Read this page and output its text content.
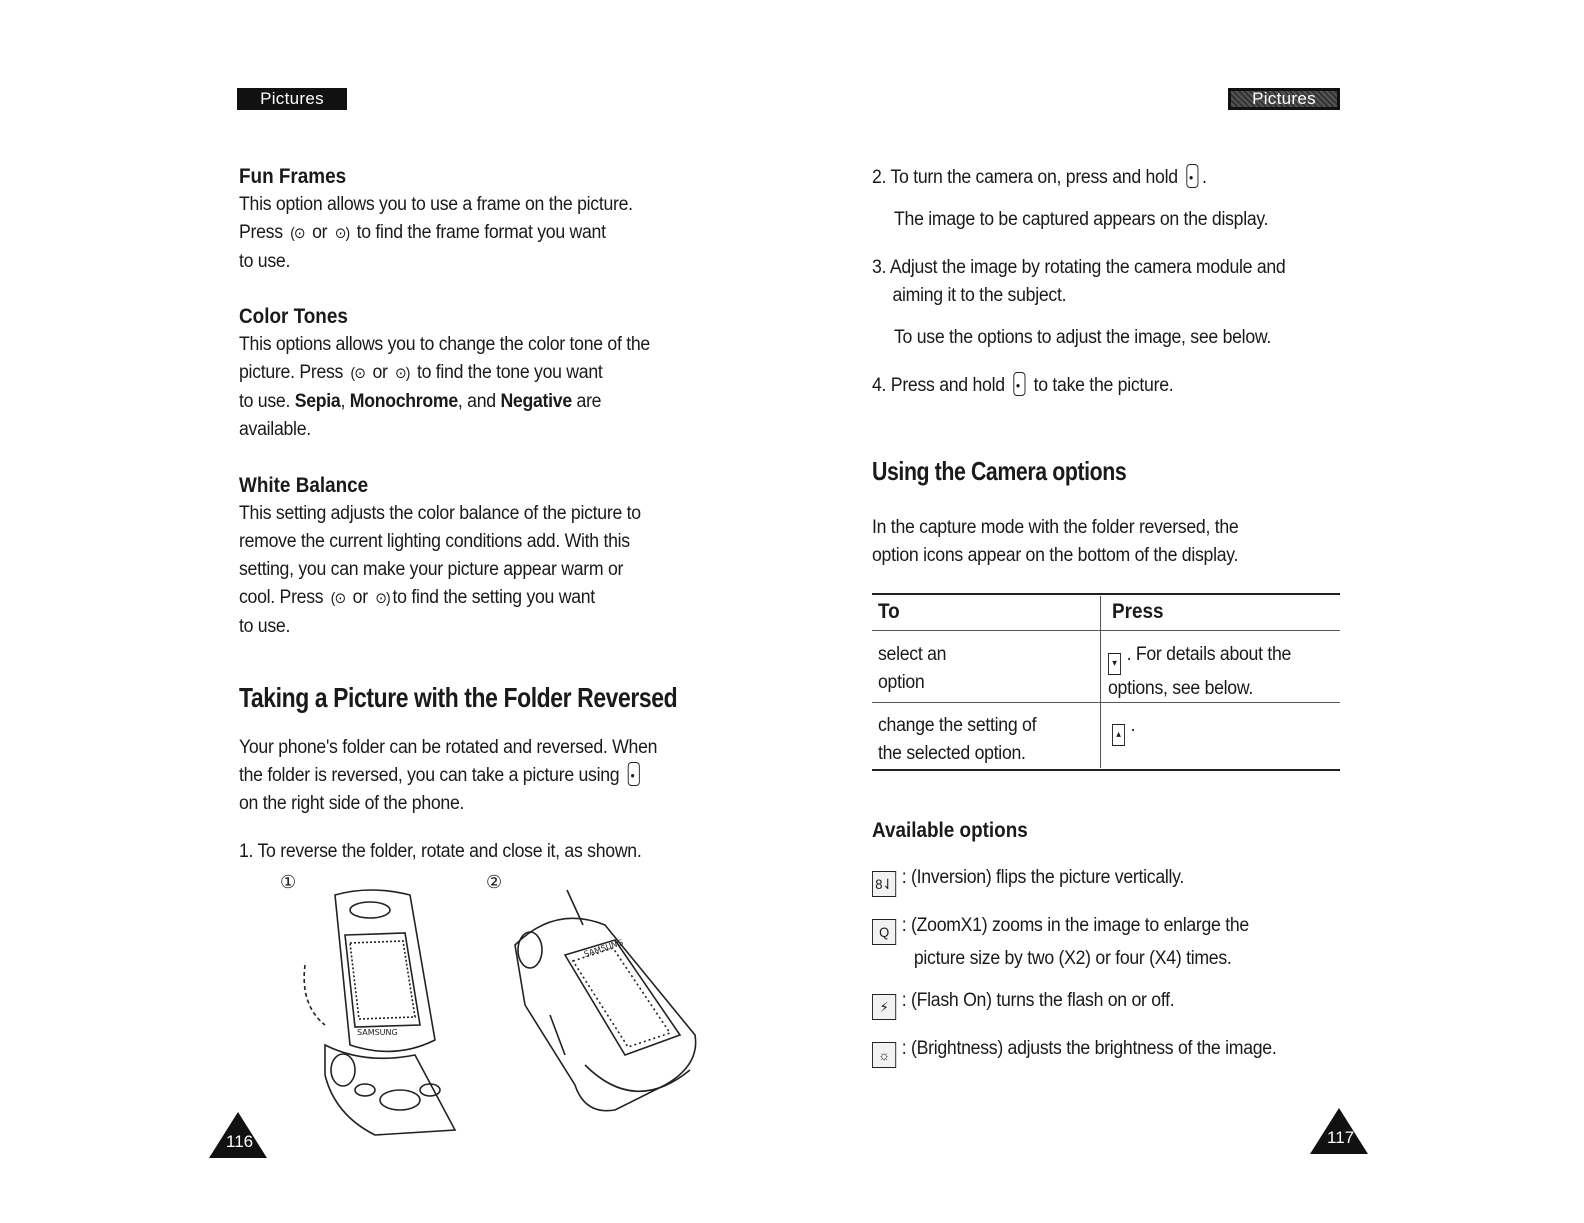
Pictures
Fun Frames
This option allows you to use a frame on the picture.
Press (⊙ or ⊙) to find the frame format you want
to use.
Color Tones
This options allows you to change the color tone of the
picture. Press (⊙ or ⊙) to find the tone you want
to use. Sepia, Monochrome, and Negative are
available.
White Balance
This setting adjusts the color balance of the picture to
remove the current lighting conditions add. With this
setting, you can make your picture appear warm or
cool. Press (⊙ or ⊙) to find the setting you want
to use.
Taking a Picture with the Folder Reversed
Your phone's folder can be rotated and reversed. When
the folder is reversed, you can take a picture using •
on the right side of the phone.
1. To reverse the folder, rotate and close it, as shown.
①	②
SAMSUNG
SAMSUNG
116
Pictures
2. To turn the camera on, press and hold • .
The image to be captured appears on the display.
3. Adjust the image by rotating the camera module and
aiming it to the subject.
To use the options to adjust the image, see below.
4. Press and hold • to take the picture.
Using the Camera options
In the capture mode with the folder reversed, the
option icons appear on the bottom of the display.
To	Press
select an
option
▾ . For details about the
options, see below.
change the setting of
the selected option.
▴ .
Available options
8⇃ : (Inversion) flips the picture vertically.
Q : (ZoomX1) zooms in the image to enlarge the
picture size by two (X2) or four (X4) times.
⚡ : (Flash On) turns the flash on or off.
☼ : (Brightness) adjusts the brightness of the image.
117
